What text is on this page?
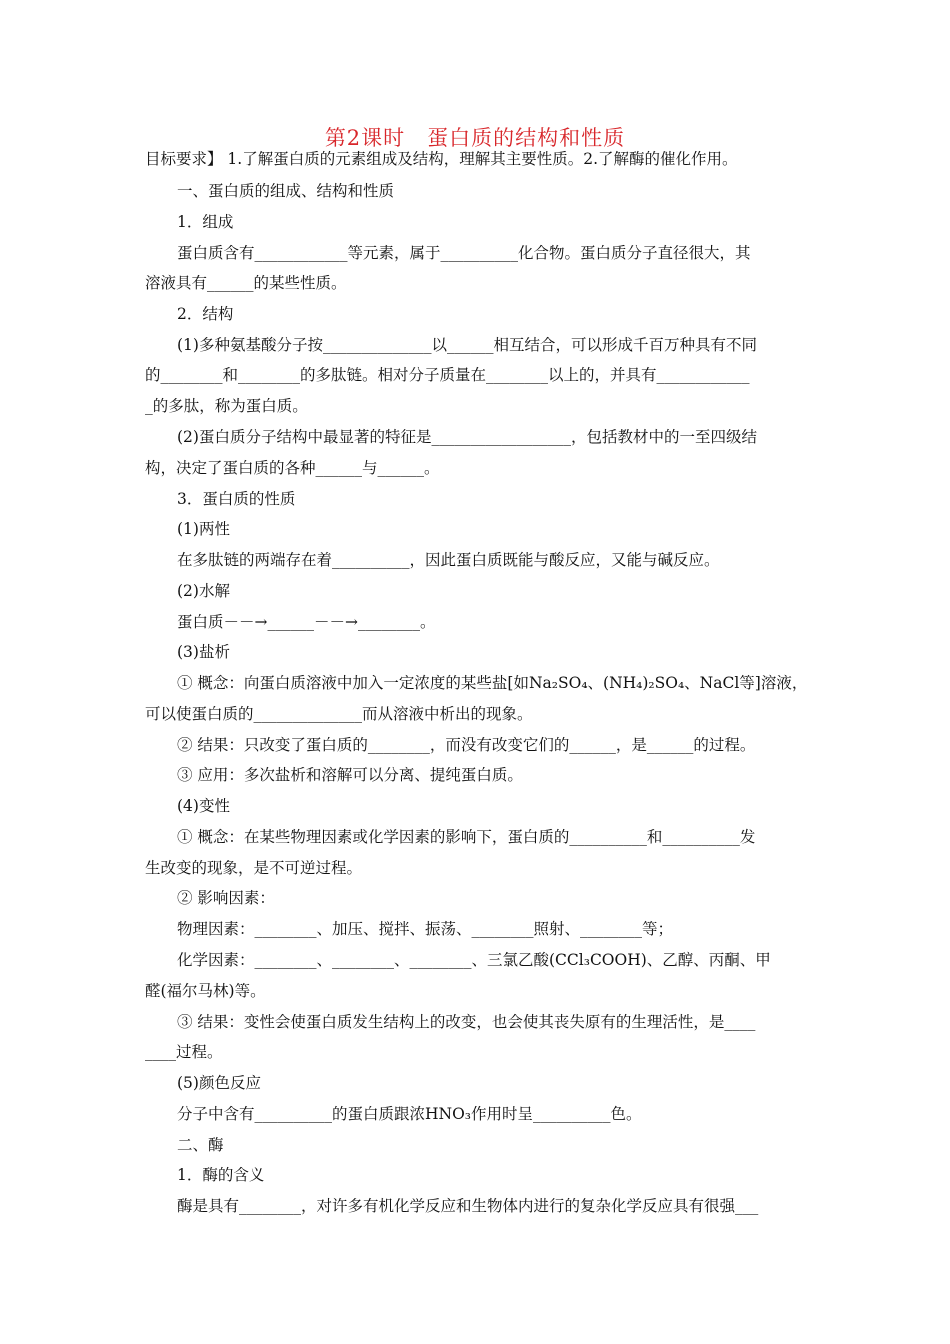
第2课时　蛋白质的结构和性质
目标要求】 1.了解蛋白质的元素组成及结构，理解其主要性质。2.了解酶的催化作用。
一、蛋白质的组成、结构和性质
1．组成
蛋白质含有____________等元素，属于__________化合物。蛋白质分子直径很大，其
溶液具有______的某些性质。
2．结构
(1)多种氨基酸分子按______________以______相互结合，可以形成千百万种具有不同
的________和________的多肽链。相对分子质量在________以上的，并具有____________
_的多肽，称为蛋白质。
(2)蛋白质分子结构中最显著的特征是__________________，包括教材中的一至四级结
构，决定了蛋白质的各种______与______。
3．蛋白质的性质
(1)两性
在多肽链的两端存在着__________，因此蛋白质既能与酸反应，又能与碱反应。
(2)水解
蛋白质－－→______－－→________。
(3)盐析
① 概念：向蛋白质溶液中加入一定浓度的某些盐[如Na₂SO₄、(NH₄)₂SO₄、NaCl等]溶液，
可以使蛋白质的______________而从溶液中析出的现象。
② 结果：只改变了蛋白质的________，而没有改变它们的______，是______的过程。
③ 应用：多次盐析和溶解可以分离、提纯蛋白质。
(4)变性
① 概念：在某些物理因素或化学因素的影响下，蛋白质的__________和__________发
生改变的现象，是不可逆过程。
② 影响因素：
物理因素：________、加压、搅拌、振荡、________照射、________等；
化学因素：________、________、________、三氯乙酸(CCl₃COOH)、乙醇、丙酮、甲
醛(福尔马林)等。
③ 结果：变性会使蛋白质发生结构上的改变，也会使其丧失原有的生理活性，是____
____过程。
(5)颜色反应
分子中含有__________的蛋白质跟浓HNO₃作用时呈__________色。
二、酶
1．酶的含义
酶是具有________，对许多有机化学反应和生物体内进行的复杂化学反应具有很强___
